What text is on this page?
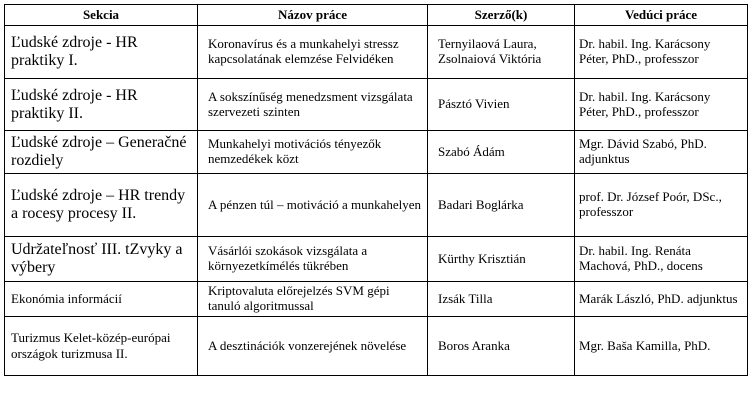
Sekcia	Názov práce	Szerző(k)	Vedúci práce
Ľudské zdroje - HR praktiky I.	Koronavírus és a munkahelyi stressz kapcsolatának elemzése Felvidéken	Ternyilaová Laura, Zsolnaiová Viktória	Dr. habil. Ing. Karácsony Péter, PhD., professzor
Ľudské zdroje - HR praktiky II.	A sokszínűség menedzsment vizsgálata szervezeti szinten	Pásztó Vivien	Dr. habil. Ing. Karácsony Péter, PhD., professzor
Ľudské zdroje – Generačné rozdiely	Munkahelyi motivációs tényezők nemzedékek közt	Szabó Ádám	Mgr. Dávid Szabó, PhD. adjunktus
Ľudské zdroje – HR trendy a rocesy procesy II.	A pénzen túl – motiváció a munkahelyen	Badari Boglárka	prof. Dr. József Poór, DSc., professzor
Udržateľnosť III. tZvyky a výbery	Vásárlói szokások vizsgálata a környezetkímélés tükrében	Kürthy Krisztián	Dr. habil. Ing. Renáta Machová, PhD., docens
Ekonómia informácií	Kriptovaluta előrejelzés SVM gépi tanuló algoritmussal	Izsák Tilla	Marák László, PhD. adjunktus
Turizmus Kelet-közép-európai országok turizmusa II.	A desztinációk vonzerejének növelése	Boros Aranka	Mgr. Baša Kamilla, PhD.
